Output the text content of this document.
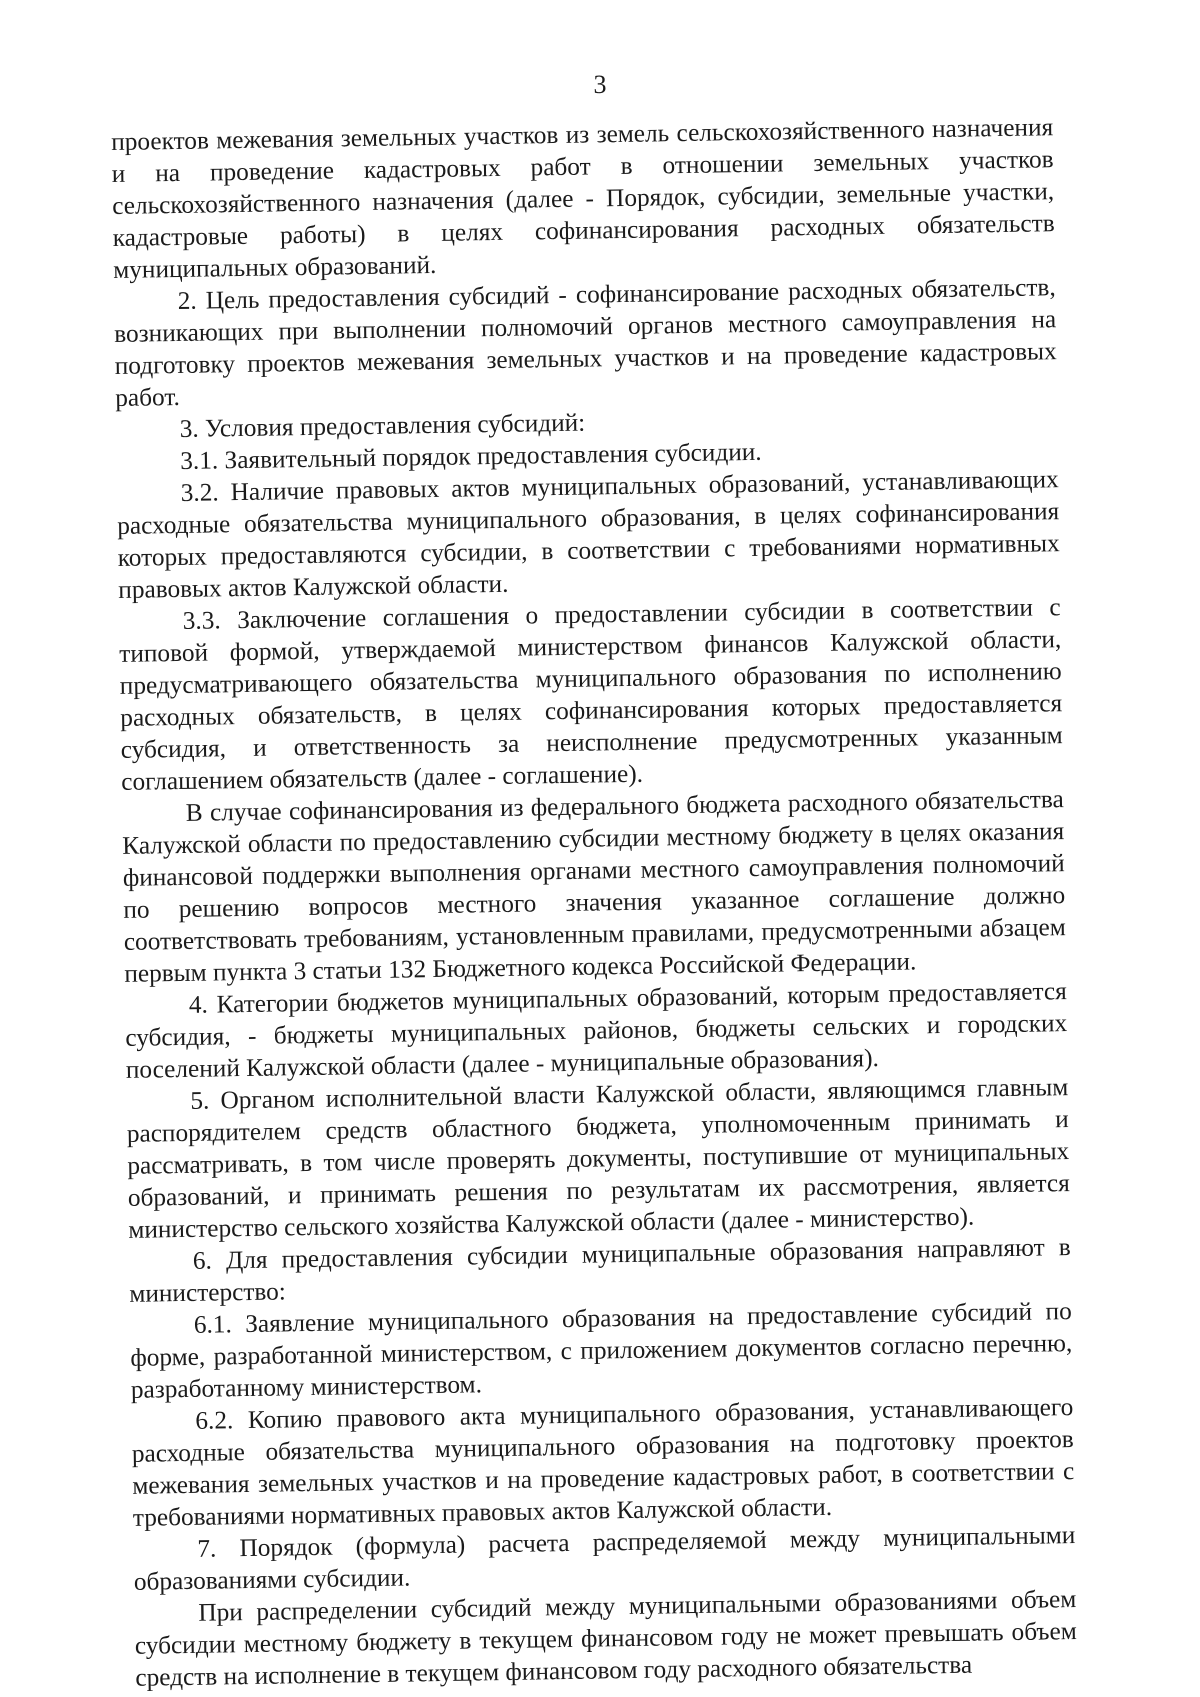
3

проектов межевания земельных участков из земель сельскохозяйственного назначения и на проведение кадастровых работ в отношении земельных участков сельскохозяйственного назначения (далее - Порядок, субсидии, земельные участки, кадастровые работы) в целях софинансирования расходных обязательств муниципальных образований.

2. Цель предоставления субсидий - софинансирование расходных обязательств, возникающих при выполнении полномочий органов местного самоуправления на подготовку проектов межевания земельных участков и на проведение кадастровых работ.

3. Условия предоставления субсидий:

3.1. Заявительный порядок предоставления субсидии.

3.2. Наличие правовых актов муниципальных образований, устанавливающих расходные обязательства муниципального образования, в целях софинансирования которых предоставляются субсидии, в соответствии с требованиями нормативных правовых актов Калужской области.

3.3. Заключение соглашения о предоставлении субсидии в соответствии с типовой формой, утверждаемой министерством финансов Калужской области, предусматривающего обязательства муниципального образования по исполнению расходных обязательств, в целях софинансирования которых предоставляется субсидия, и ответственность за неисполнение предусмотренных указанным соглашением обязательств (далее - соглашение).

В случае софинансирования из федерального бюджета расходного обязательства Калужской области по предоставлению субсидии местному бюджету в целях оказания финансовой поддержки выполнения органами местного самоуправления полномочий по решению вопросов местного значения указанное соглашение должно соответствовать требованиям, установленным правилами, предусмотренными абзацем первым пункта 3 статьи 132 Бюджетного кодекса Российской Федерации.

4. Категории бюджетов муниципальных образований, которым предоставляется субсидия, - бюджеты муниципальных районов, бюджеты сельских и городских поселений Калужской области (далее - муниципальные образования).

5. Органом исполнительной власти Калужской области, являющимся главным распорядителем средств областного бюджета, уполномоченным принимать и рассматривать, в том числе проверять документы, поступившие от муниципальных образований, и принимать решения по результатам их рассмотрения, является министерство сельского хозяйства Калужской области (далее - министерство).

6. Для предоставления субсидии муниципальные образования направляют в министерство:

6.1. Заявление муниципального образования на предоставление субсидий по форме, разработанной министерством, с приложением документов согласно перечню, разработанному министерством.

6.2. Копию правового акта муниципального образования, устанавливающего расходные обязательства муниципального образования на подготовку проектов межевания земельных участков и на проведение кадастровых работ, в соответствии с требованиями нормативных правовых актов Калужской области.

7. Порядок (формула) расчета распределяемой между муниципальными образованиями субсидии.

При распределении субсидий между муниципальными образованиями объем субсидии местному бюджету в текущем финансовом году не может превышать объем средств на исполнение в текущем финансовом году расходного обязательства
